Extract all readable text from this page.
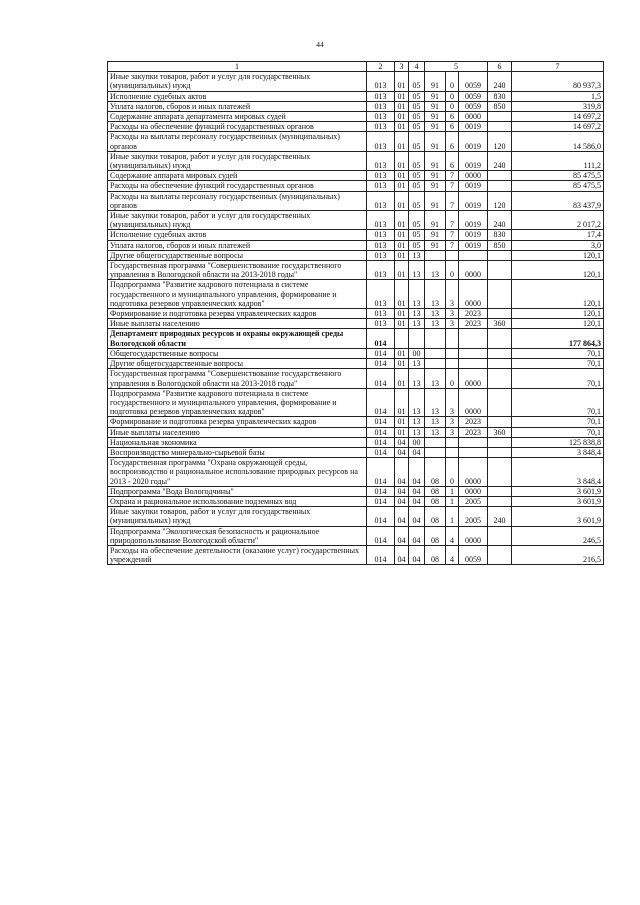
44
1	2	3	4	5			6	7
Иные закупки товаров, работ и услуг для государственных (муниципальных) нужд	013	01	05	91	0	0059	240	80 937,3
Исполнение судебных актов	013	01	05	91	0	0059	830	1,5
Уплата налогов, сборов и иных платежей	013	01	05	91	0	0059	850	319,8
Содержание аппарата департамента мировых судей	013	01	05	91	6	0000		14 697,2
Расходы на обеспечение функций государственных органов	013	01	05	91	6	0019		14 697,2
Расходы на выплаты персоналу государственных (муниципальных) органов	013	01	05	91	6	0019	120	14 586,0
Иные закупки товаров, работ и услуг для государственных (муниципальных) нужд	013	01	05	91	6	0019	240	111,2
Содержание аппарата мировых судей	013	01	05	91	7	0000		85 475,5
Расходы на обеспечение функций государственных органов	013	01	05	91	7	0019		85 475,5
Расходы на выплаты персоналу государственных (муниципальных) органов	013	01	05	91	7	0019	120	83 437,9
Иные закупки товаров, работ и услуг для государственных (муниципальных) нужд	013	01	05	91	7	0019	240	2 017,2
Исполнение судебных актов	013	01	05	91	7	0019	830	17,4
Уплата налогов, сборов и иных платежей	013	01	05	91	7	0019	850	3,0
Другие общегосударственные вопросы	013	01	13					120,1
Государственная программа "Совершенствование государственного управления в Вологодской области на 2013-2018 годы"	013	01	13	13	0	0000		120,1
Подпрограмма "Развитие кадрового потенциала в системе государственного и муниципального управления, формирование и подготовка резервов управленческих кадров"	013	01	13	13	3	0000		120,1
Формирование и подготовка резерва управленческих кадров	013	01	13	13	3	2023		120,1
Иные выплаты населению	013	01	13	13	3	2023	360	120,1
Департамент природных ресурсов и охраны окружающей среды Вологодской области	014							177 864,3
Общегосударственные вопросы	014	01	00					70,1
Другие общегосударственные вопросы	014	01	13					70,1
Государственная программа "Совершенствование государственного управления в Вологодской области на 2013-2018 годы"	014	01	13	13	0	0000		70,1
Подпрограмма "Развитие кадрового потенциала в системе государственного и муниципального управления, формирование и подготовка резервов управленческих кадров"	014	01	13	13	3	0000		70,1
Формирование и подготовка резерва управленческих кадров	014	01	13	13	3	2023		70,1
Иные выплаты населению	014	01	13	13	3	2023	360	70,1
Национальная экономика	014	04	00					125 838,8
Воспроизводство минерально-сырьевой базы	014	04	04					3 848,4
Государственная программа "Охрана окружающей среды, воспроизводство и рациональное использование природных ресурсов на 2013 - 2020 годы"	014	04	04	08	0	0000		3 848,4
Подпрограмма "Вода Вологодчины"	014	04	04	08	1	0000		3 601,9
Охрана и рациональное использование подземных вод	014	04	04	08	1	2005		3 601,9
Иные закупки товаров, работ и услуг для государственных (муниципальных) нужд	014	04	04	08	1	2005	240	3 601,9
Подпрограмма "Экологическая безопасность и рациональное природопользование Вологодской области"	014	04	04	08	4	0000		246,5
Расходы на обеспечение деятельности (оказание услуг) государственных учреждений	014	04	04	08	4	0059		216,5
